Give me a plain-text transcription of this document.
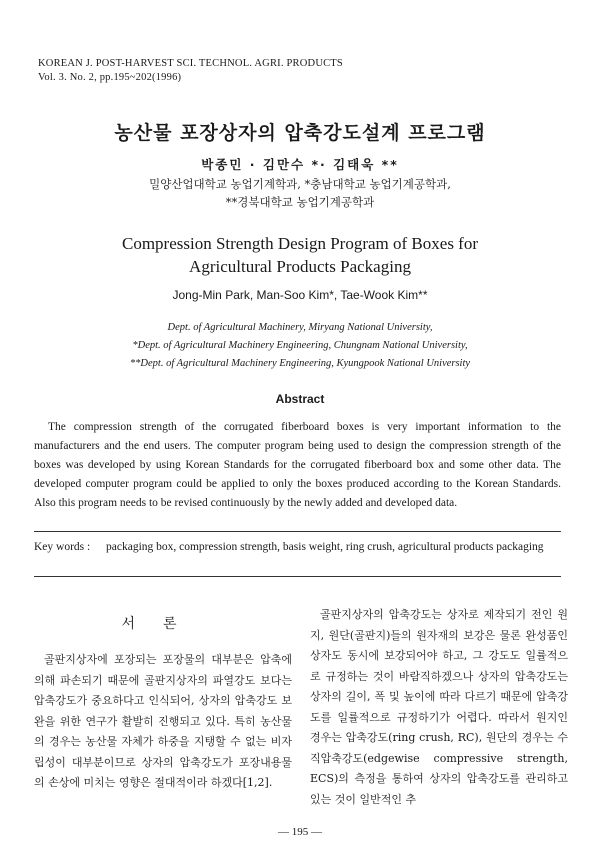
KOREAN J. POST-HARVEST SCI. TECHNOL. AGRI. PRODUCTS
Vol. 3. No. 2, pp.195~202(1996)
농산물 포장상자의 압축강도설계 프로그램
박종민 · 김만수 *· 김태욱 **
밀양산업대학교 농업기계학과, *충남대학교 농업기계공학과,
**경북대학교 농업기계공학과
Compression Strength Design Program of Boxes for
Agricultural Products Packaging
Jong-Min Park, Man-Soo Kim*, Tae-Wook Kim**
Dept. of Agricultural Machinery, Miryang National University,
*Dept. of Agricultural Machinery Engineering, Chungnam National University,
**Dept. of Agricultural Machinery Engineering, Kyungpook National University
Abstract
The compression strength of the corrugated fiberboard boxes is very important information to the manufacturers and the end users. The computer program being used to design the compression strength of the boxes was developed by using Korean Standards for the corrugated fiberboard box and some other data. The developed computer program could be applied to only the boxes produced according to the Korean Standards. Also this program needs to be revised continuously by the newly added and developed data.
Key words : packaging box, compression strength, basis weight, ring crush, agricultural products packaging
서론
골판지상자에 포장되는 포장물의 대부분은 압축에 의해 파손되기 때문에 골판지상자의 파열강도 보다는 압축강도가 중요하다고 인식되어, 상자의 압축강도 보완을 위한 연구가 활발히 진행되고 있다. 특히 농산물의 경우는 농산물 자체가 하중을 지탱할 수 없는 비자립성이 대부분이므로 상자의 압축강도가 포장내용물의 손상에 미치는 영향은 절대적이라 하겠다[1,2].
골판지상자의 압축강도는 상자로 제작되기 전인 원지, 원단(골판지)들의 원자재의 보강은 물론 완성품인 상자도 동시에 보강되어야 하고, 그 강도도 일률적으로 규정하는 것이 바람직하겠으나 상자의 압축강도는 상자의 길이, 폭 및 높이에 따라 다르기 때문에 압축강도를 일률적으로 규정하기가 어렵다. 따라서 원지인 경우는 압축강도(ring crush, RC), 원단의 경우는 수직압축강도(edgewise compressive strength, ECS)의 측정을 통하여 상자의 압축강도를 관리하고 있는 것이 일반적인 추
— 195 —
